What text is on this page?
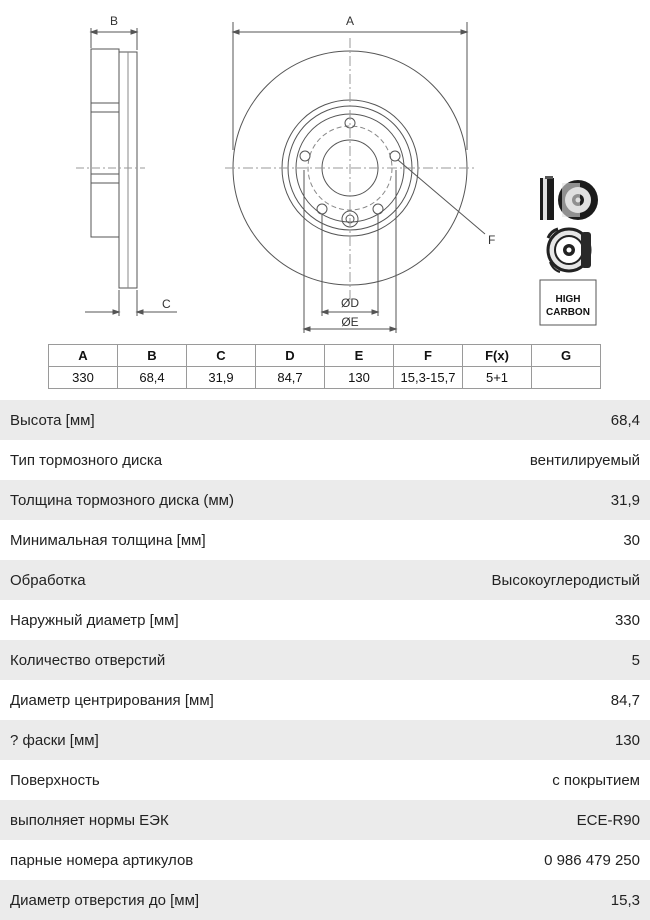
B
C
A
F
ØD
ØE
HIGH
CARBON
A	B	C	D	E	F	F(x)	G
330	68,4	31,9	84,7	130	15,3-15,7	5+1	
Высота [мм]	68,4
Тип тормозного диска	вентилируемый
Толщина тормозного диска (мм)	31,9
Минимальная толщина [мм]	30
Обработка	Высокоуглеродистый
Наружный диаметр [мм]	330
Количество отверстий	5
Диаметр центрирования [мм]	84,7
? фаски [мм]	130
Поверхность	с покрытием
выполняет нормы ЕЭК	ECE-R90
парные номера артикулов	0 986 479 250
Диаметр отверстия до [мм]	15,3
